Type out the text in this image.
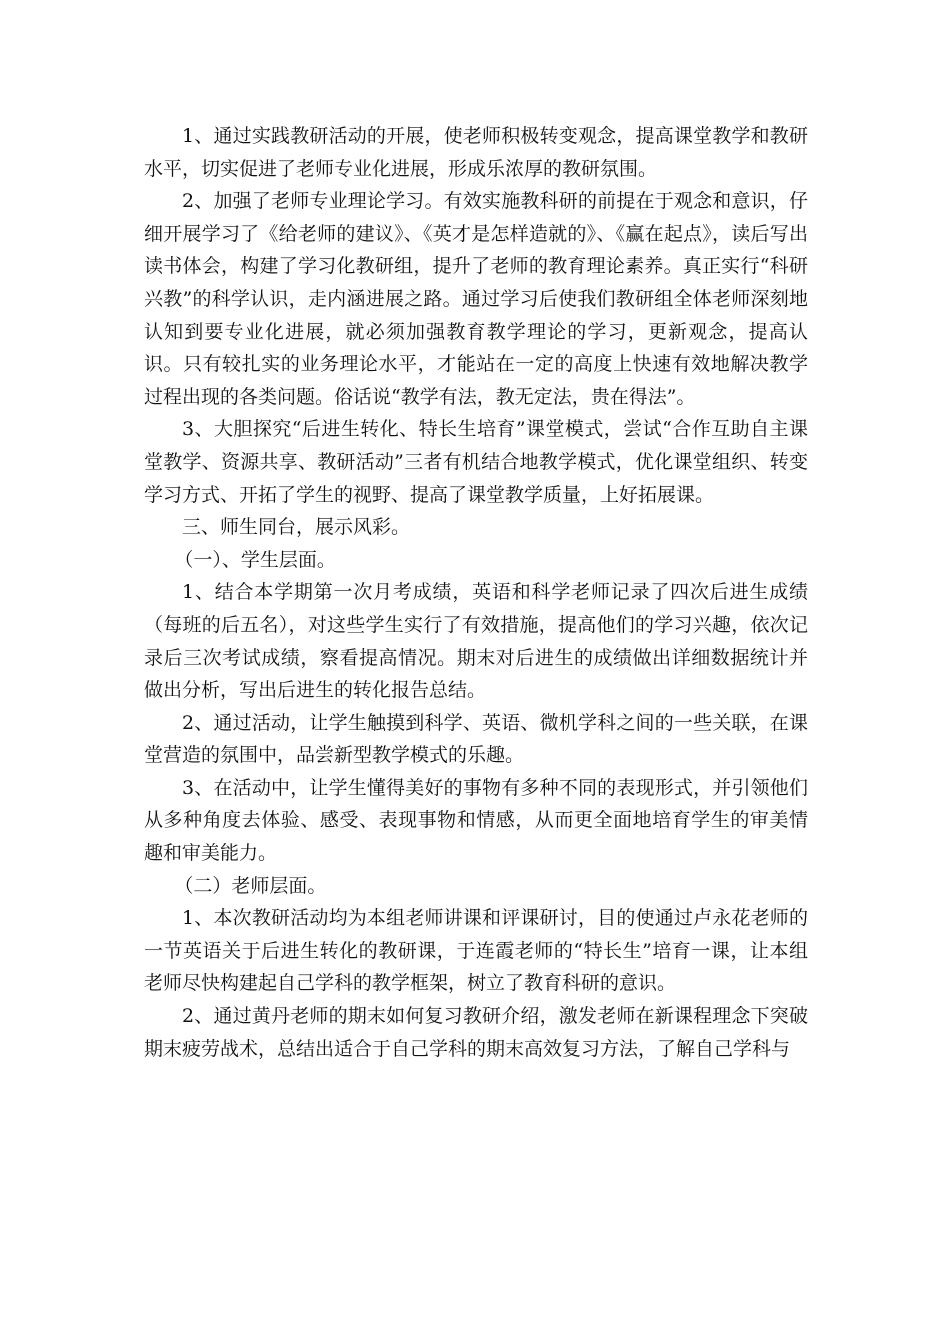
1、通过实践教研活动的开展，使老师积极转变观念，提高课堂教学和教研水平，切实促进了老师专业化进展，形成乐浓厚的教研氛围。

2、加强了老师专业理论学习。有效实施教科研的前提在于观念和意识，仔细开展学习了《给老师的建议》、《英才是怎样造就的》、《赢在起点》，读后写出读书体会，构建了学习化教研组，提升了老师的教育理论素养。真正实行“科研兴教”的科学认识，走内涵进展之路。通过学习后使我们教研组全体老师深刻地认知到要专业化进展，就必须加强教育教学理论的学习，更新观念，提高认识。只有较扎实的业务理论水平，才能站在一定的高度上快速有效地解决教学过程出现的各类问题。俗话说“教学有法，教无定法，贵在得法”。

3、大胆探究“后进生转化、特长生培育”课堂模式，尝试“合作互助自主课堂教学、资源共享、教研活动”三者有机结合地教学模式，优化课堂组织、转变学习方式、开拓了学生的视野、提高了课堂教学质量，上好拓展课。

三、师生同台，展示风彩。

（一）、学生层面。

1、结合本学期第一次月考成绩，英语和科学老师记录了四次后进生成绩（每班的后五名），对这些学生实行了有效措施，提高他们的学习兴趣，依次记录后三次考试成绩，察看提高情况。期末对后进生的成绩做出详细数据统计并做出分析，写出后进生的转化报告总结。

2、通过活动，让学生触摸到科学、英语、微机学科之间的一些关联，在课堂营造的氛围中，品尝新型教学模式的乐趣。

3、在活动中，让学生懂得美好的事物有多种不同的表现形式，并引领他们从多种角度去体验、感受、表现事物和情感，从而更全面地培育学生的审美情趣和审美能力。

（二）老师层面。

1、本次教研活动均为本组老师讲课和评课研讨，目的使通过卢永花老师的一节英语关于后进生转化的教研课，于连霞老师的“特长生”培育一课，让本组老师尽快构建起自己学科的教学框架，树立了教育科研的意识。

2、通过黄丹老师的期末如何复习教研介绍，激发老师在新课程理念下突破期末疲劳战术，总结出适合于自己学科的期末高效复习方法，了解自己学科与
